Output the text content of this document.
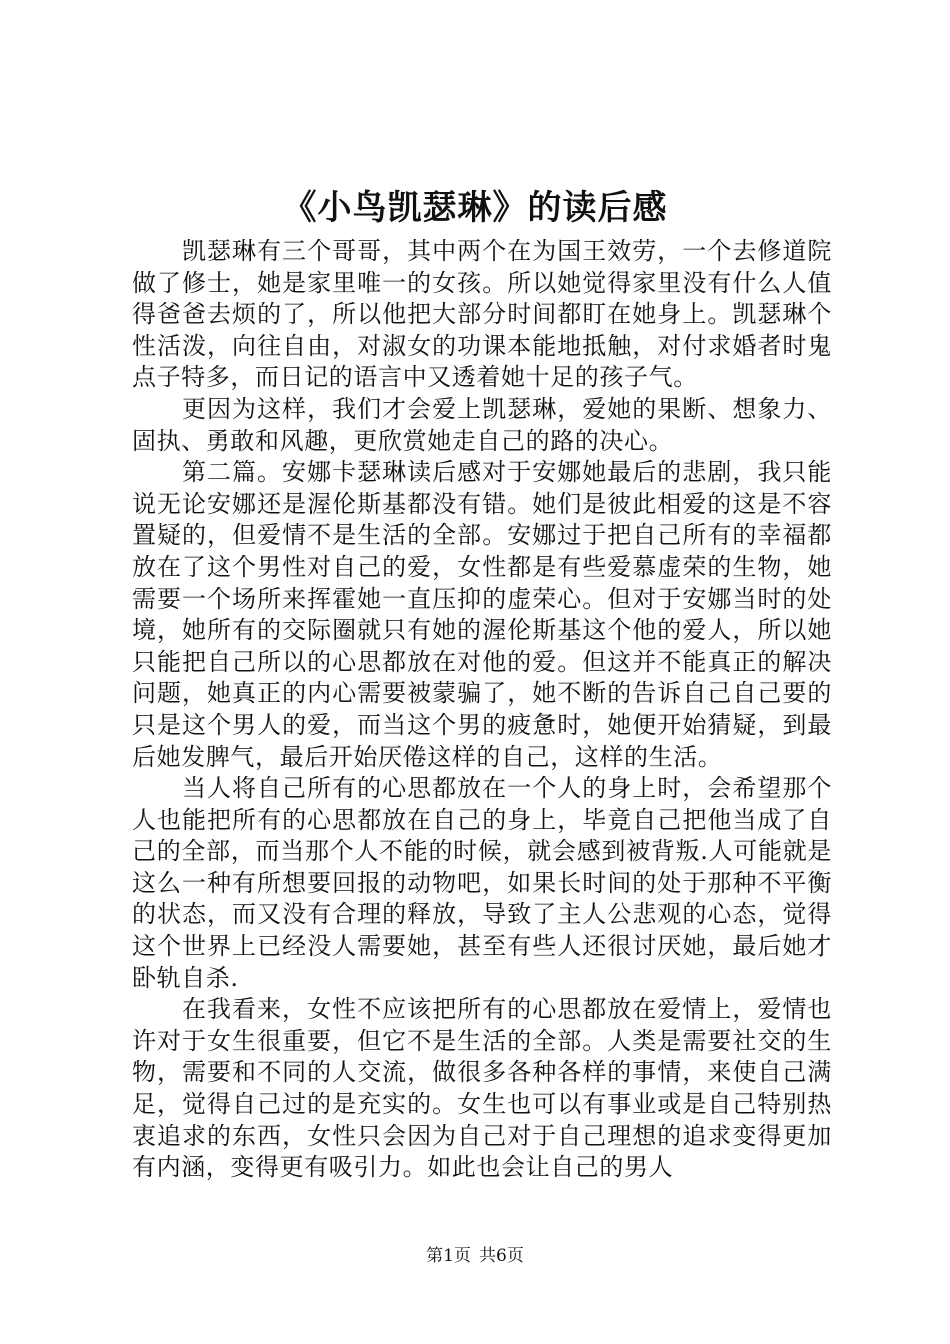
《小鸟凯瑟琳》的读后感

凯瑟琳有三个哥哥，其中两个在为国王效劳，一个去修道院做了修士，她是家里唯一的女孩。所以她觉得家里没有什么人值得爸爸去烦的了，所以他把大部分时间都盯在她身上。凯瑟琳个性活泼，向往自由，对淑女的功课本能地抵触，对付求婚者时鬼点子特多，而日记的语言中又透着她十足的孩子气。

更因为这样，我们才会爱上凯瑟琳，爱她的果断、想象力、固执、勇敢和风趣，更欣赏她走自己的路的决心。

第二篇。安娜卡瑟琳读后感对于安娜她最后的悲剧，我只能说无论安娜还是渥伦斯基都没有错。她们是彼此相爱的这是不容置疑的，但爱情不是生活的全部。安娜过于把自己所有的幸福都放在了这个男性对自己的爱，女性都是有些爱慕虚荣的生物，她需要一个场所来挥霍她一直压抑的虚荣心。但对于安娜当时的处境，她所有的交际圈就只有她的渥伦斯基这个他的爱人，所以她只能把自己所以的心思都放在对他的爱。但这并不能真正的解决问题，她真正的内心需要被蒙骗了，她不断的告诉自己自己要的只是这个男人的爱，而当这个男的疲惫时，她便开始猜疑，到最后她发脾气，最后开始厌倦这样的自己，这样的生活。

当人将自己所有的心思都放在一个人的身上时，会希望那个人也能把所有的心思都放在自己的身上，毕竟自己把他当成了自己的全部，而当那个人不能的时候，就会感到被背叛.人可能就是这么一种有所想要回报的动物吧，如果长时间的处于那种不平衡的状态，而又没有合理的释放，导致了主人公悲观的心态，觉得这个世界上已经没人需要她，甚至有些人还很讨厌她，最后她才卧轨自杀.

在我看来，女性不应该把所有的心思都放在爱情上，爱情也许对于女生很重要，但它不是生活的全部。人类是需要社交的生物，需要和不同的人交流，做很多各种各样的事情，来使自己满足，觉得自己过的是充实的。女生也可以有事业或是自己特别热衷追求的东西，女性只会因为自己对于自己理想的追求变得更加有内涵，变得更有吸引力。如此也会让自己的男人

第1页 共6页
